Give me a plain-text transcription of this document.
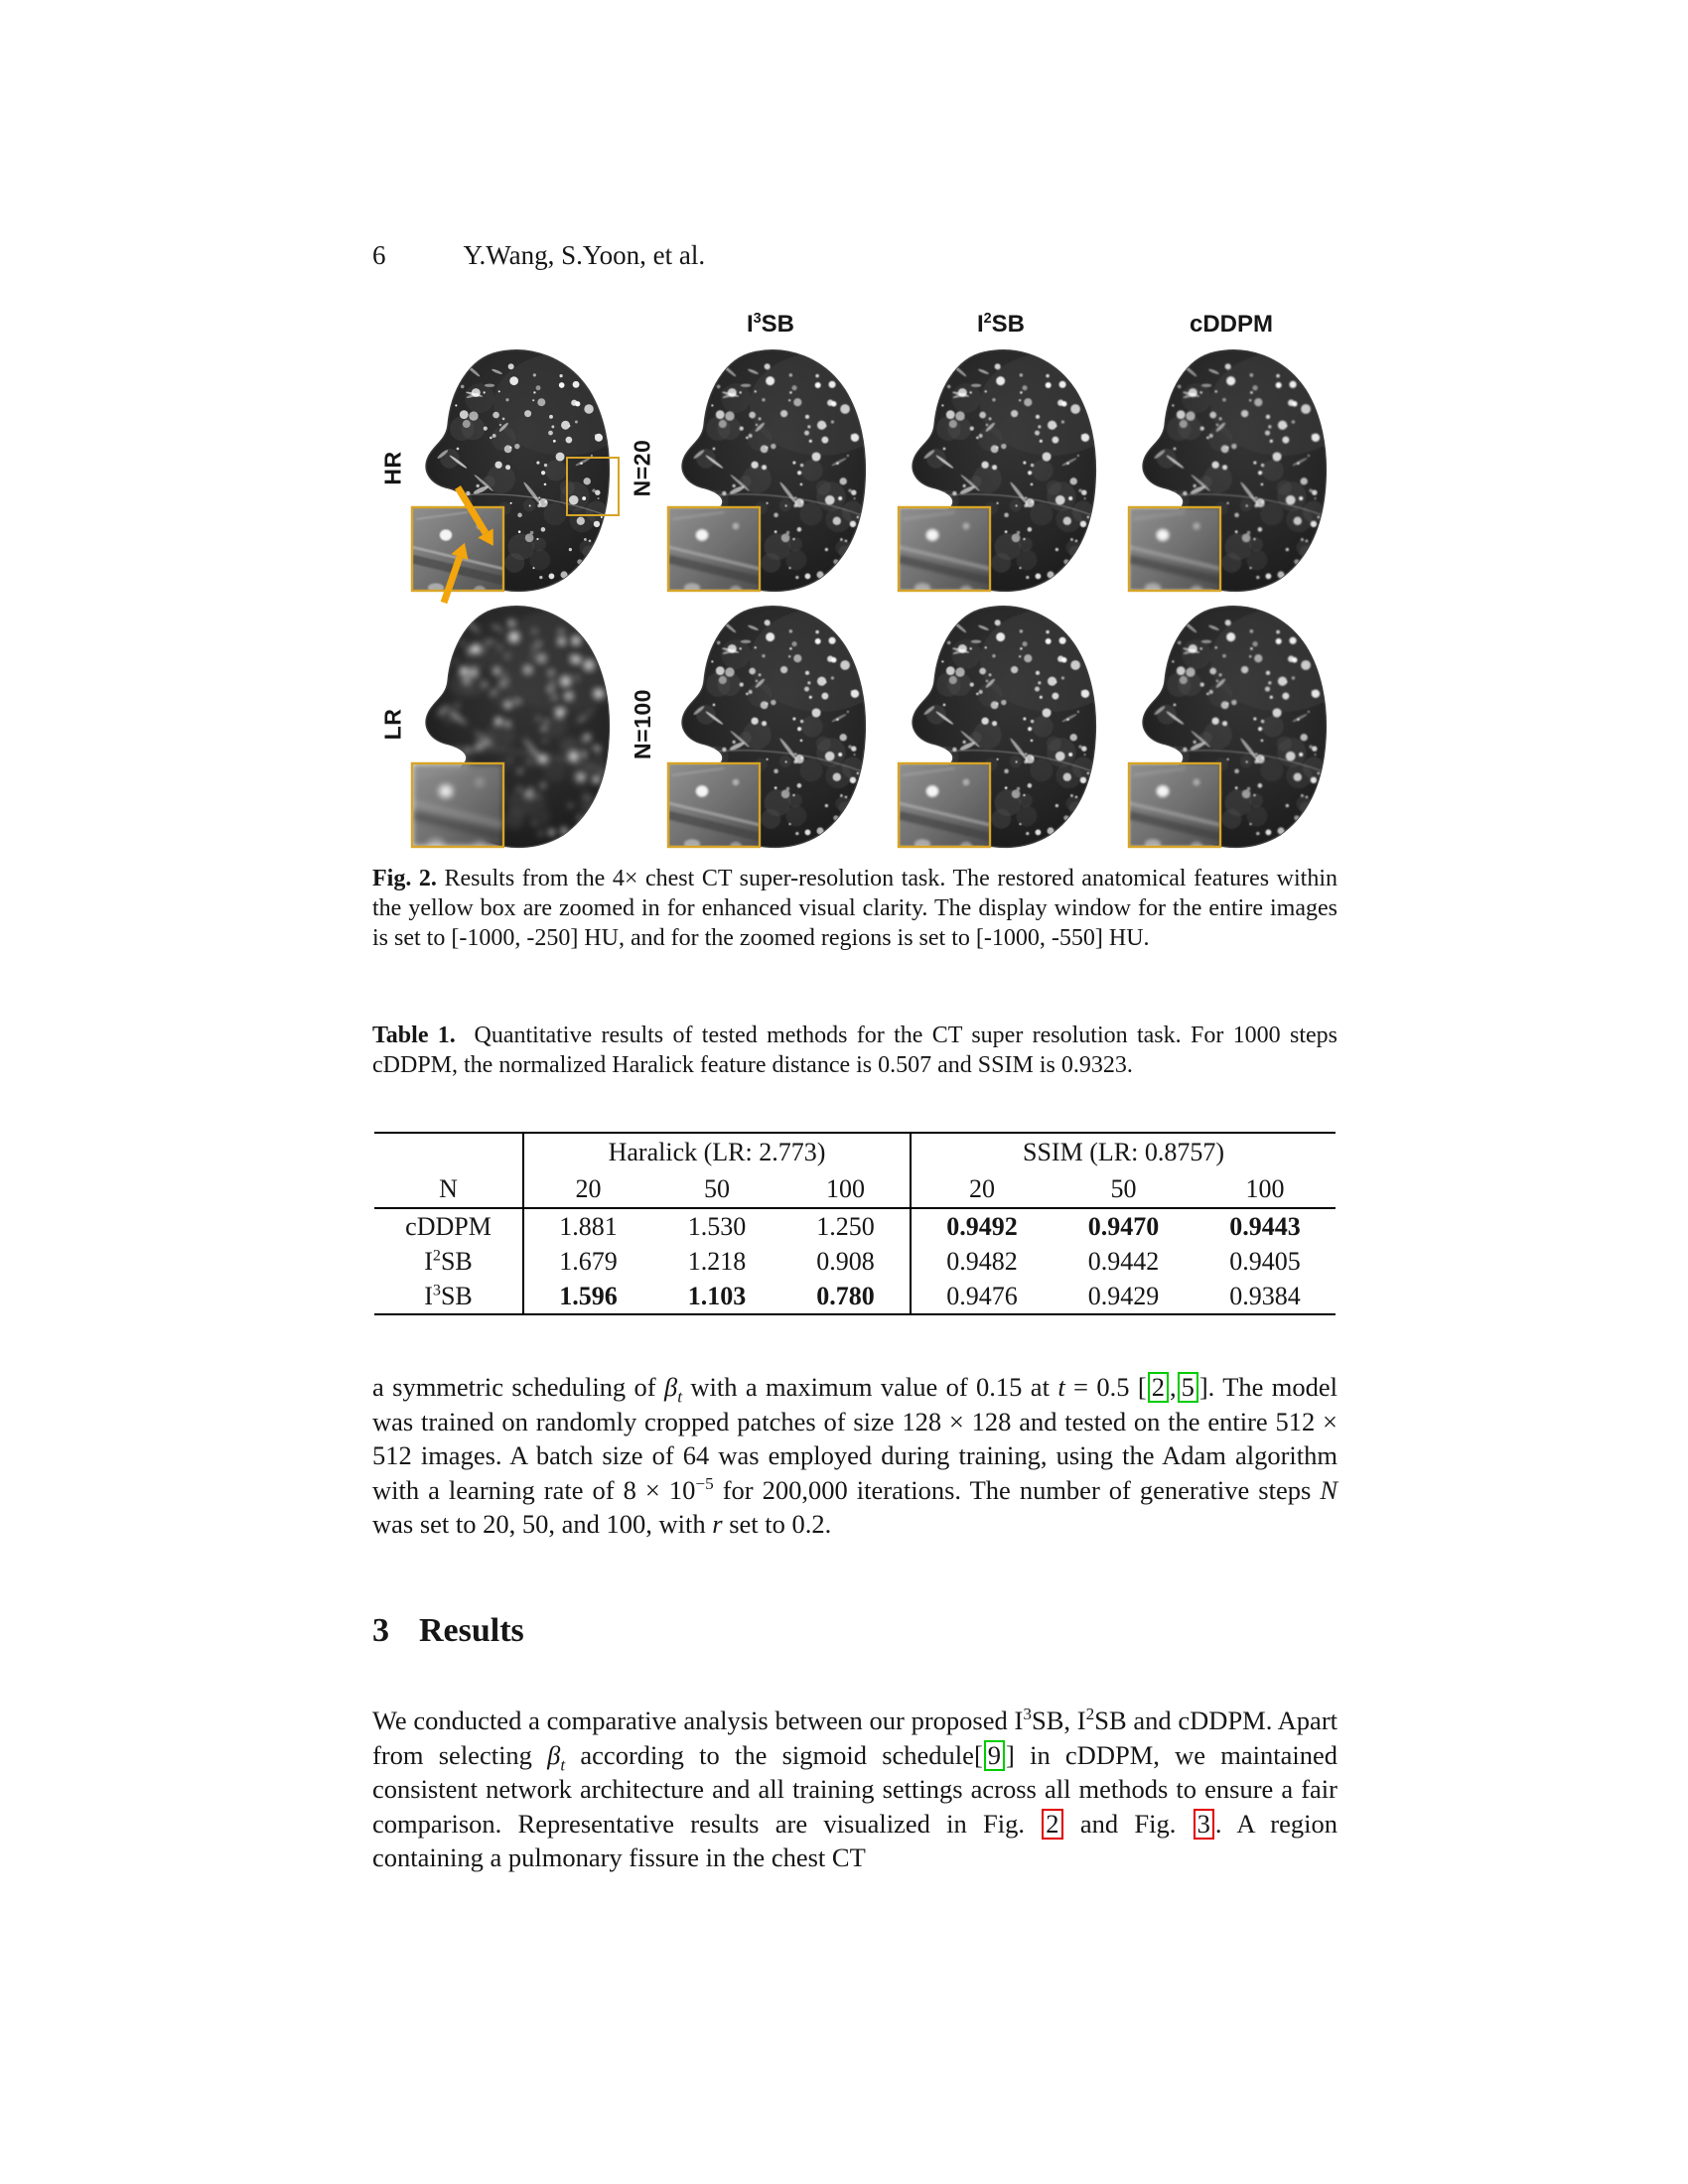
6	Y.Wang, S.Yoon, et al.
$I^3SB$	$I^2SB$	cDDPM
HR	N=20
LR	N=100

Fig. 2. Results from the 4× chest CT super-resolution task. The restored anatomical features within the yellow box are zoomed in for enhanced visual clarity. The display window for the entire images is set to [-1000, -250] HU, and for the zoomed regions is set to [-1000, -550] HU.

Table 1. Quantitative results of tested methods for the CT super resolution task. For 1000 steps cDDPM, the normalized Haralick feature distance is 0.507 and SSIM is 0.9323.

	Haralick (LR: 2.773)			SSIM (LR: 0.8757)		
N	20	50	100	20	50	100
cDDPM	1.881	1.530	1.250	0.9492	0.9470	0.9443
$I^2SB$	1.679	1.218	0.908	0.9482	0.9442	0.9405
$I^3SB$	1.596	1.103	0.780	0.9476	0.9429	0.9384

a symmetric scheduling of $\beta_t$ with a maximum value of 0.15 at t = 0.5 [ 2 , 5 ]. The model was trained on randomly cropped patches of size 128 × 128 and tested on the entire 512 × 512 images. A batch size of 64 was employed during training, using the Adam algorithm with a learning rate of $8 \times 10^{-5}$ for 200,000 iterations. The number of generative steps N was set to 20, 50, and 100, with r set to 0.2.

3 Results

We conducted a comparative analysis between our proposed $I^3SB$, $I^2SB$ and cDDPM. Apart from selecting $\beta_t$ according to the sigmoid schedule[ 9 ] in cDDPM, we maintained consistent network architecture and all training settings across all methods to ensure a fair comparison. Representative results are visualized in Fig. 2 and Fig. 3 . A region containing a pulmonary fissure in the chest CT
